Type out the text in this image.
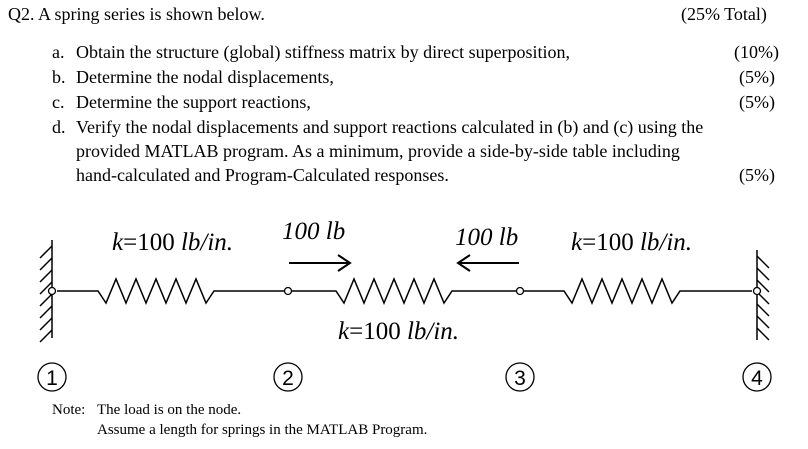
Q2. A spring series is shown below.	(25% Total)
a. Obtain the structure (global) stiffness matrix by direct superposition,	(10%)
b. Determine the nodal displacements,	(5%)
c. Determine the support reactions,	(5%)
d. Verify the nodal displacements and support reactions calculated in (b) and (c) using the
provided MATLAB program. As a minimum, provide a side-by-side table including
hand-calculated and Program-Calculated responses.	(5%)
1	2	3	4
k=100 lb/in.	k=100 lb/in.
k=100 lb/in.
100 lb	100 lb
Note: The load is on the node.
Assume a length for springs in the MATLAB Program.
